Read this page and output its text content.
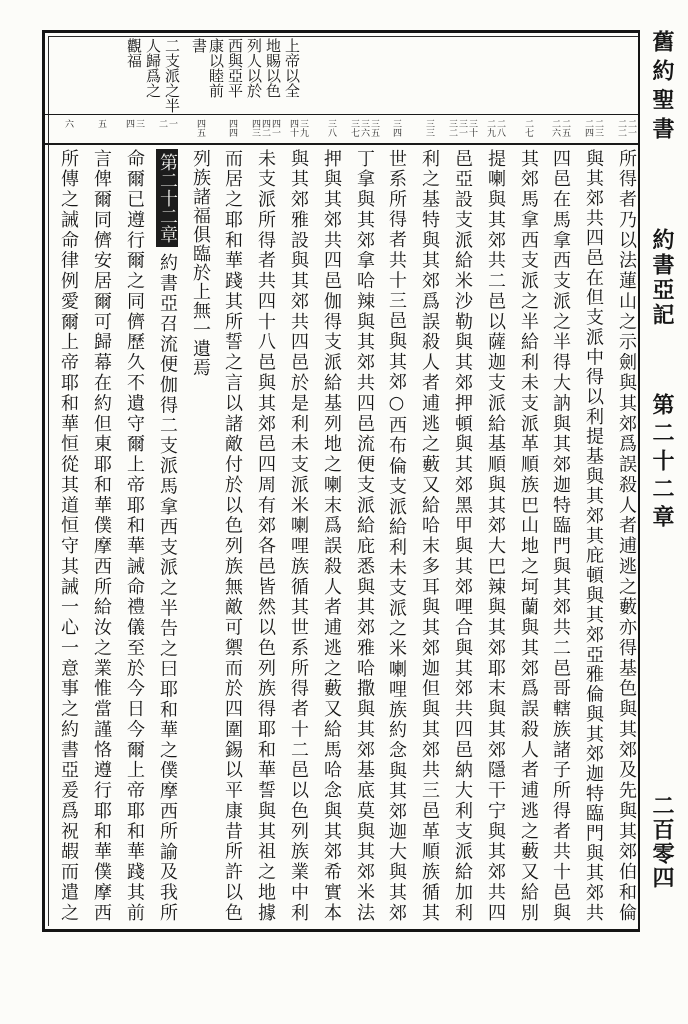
舊約聖書
約書亞記
第二十二章
二百零四
上帝以全
地賜以色
列人以於
西與亞平
康以睦前
書
二支派之半
人歸爲之
觀福
二一
二二
二三
二四
二五
二六
二七
二八
二九
三十
三一
三二
三三
三四
三五
三六
三七
三八
三九
四十
四一
四二
四三
四四
四五
一
二
三
四
五
六
所得者乃以法蓮山之示劍與其郊爲誤殺人者逋逃之藪亦得基色與其郊及先與其郊伯和倫
與其郊共四邑在但支派中得以利提基與其郊其庇頓與其郊亞雅倫與其郊迦特臨門與其郊共
四邑在馬拿西支派之半得大訥與其郊迦特臨門與其郊共二邑哥轄族諸子所得者共十邑與
其郊馬拿西支派之半給利未支派革順族巴山地之坷蘭與其郊爲誤殺人者逋逃之藪又給別
提喇與其郊共二邑以薩迦支派給基順與其郊大巴辣與其郊耶末與其郊隱干宁與其郊共四
邑亞設支派給米沙勒與其郊押頓與其郊黑甲與其郊哩合與其郊共四邑納大利支派給加利
利之基特與其郊爲誤殺人者逋逃之藪又給哈末多耳與其郊迦但與其郊共三邑革順族循其
世系所得者共十三邑與其郊○西布倫支派給利未支派之米喇哩族約念與其郊迦大與其郊
丁拿與其郊拿哈辣與其郊共四邑流便支派給庇悉與其郊雅哈撒與其郊基底莫與其郊米法
押與其郊共四邑伽得支派給基列地之喇末爲誤殺人者逋逃之藪又給馬哈念與其郊希實本
與其郊雅設與其郊共四邑於是利未支派米喇哩族循其世系所得者十二邑以色列族業中利
未支派所得者共四十八邑與其郊邑四周有郊各邑皆然以色列族得耶和華誓與其祖之地據
而居之耶和華踐其所誓之言以諸敵付於以色列族無敵可禦而於四圍錫以平康昔所許以色
列族諸福俱臨於上無一遺焉
第二十二章約書亞召流便伽得二支派馬拿西支派之半告之曰耶和華之僕摩西所諭及我所
命爾已遵行爾之同儕歷久不遺守爾上帝耶和華誡命禮儀至於今日今爾上帝耶和華踐其前
言俾爾同儕安居爾可歸幕在約但東耶和華僕摩西所給汝之業惟當謹恪遵行耶和華僕摩西
所傳之誡命律例愛爾上帝耶和華恒從其道恒守其誡一心一意事之約書亞爰爲祝嘏而遣之
